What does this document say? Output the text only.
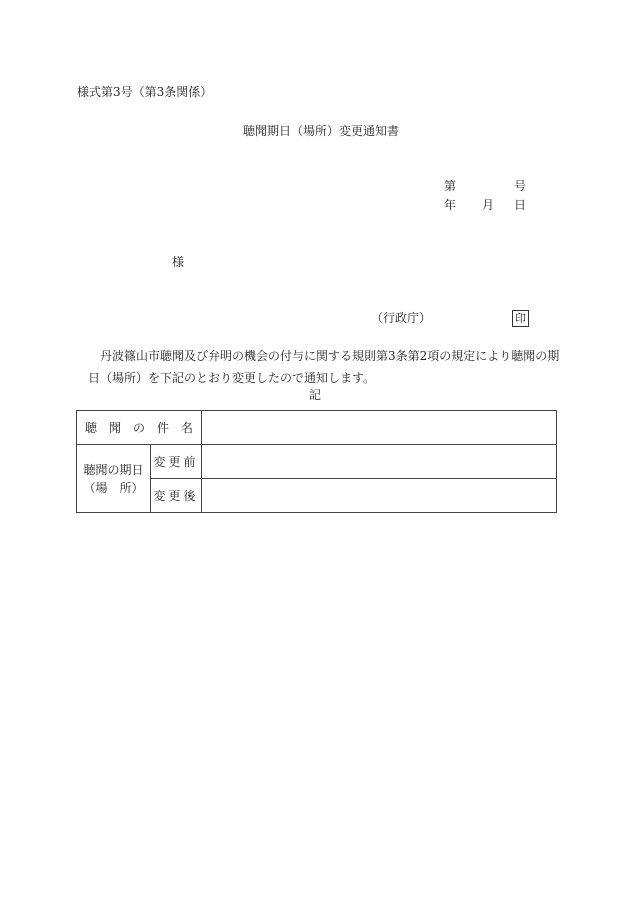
様式第3号（第3条関係）
聴聞期日（場所）変更通知書
第	号
年 月 日
様
（行政庁）	印
丹波篠山市聴聞及び弁明の機会の付与に関する規則第3条第2項の規定により聴聞の期
日（場所）を下記のとおり変更したので通知します。
記
聴 聞 の 件 名		

聴聞の期日
（場　所）	変更前	
	変更後	
